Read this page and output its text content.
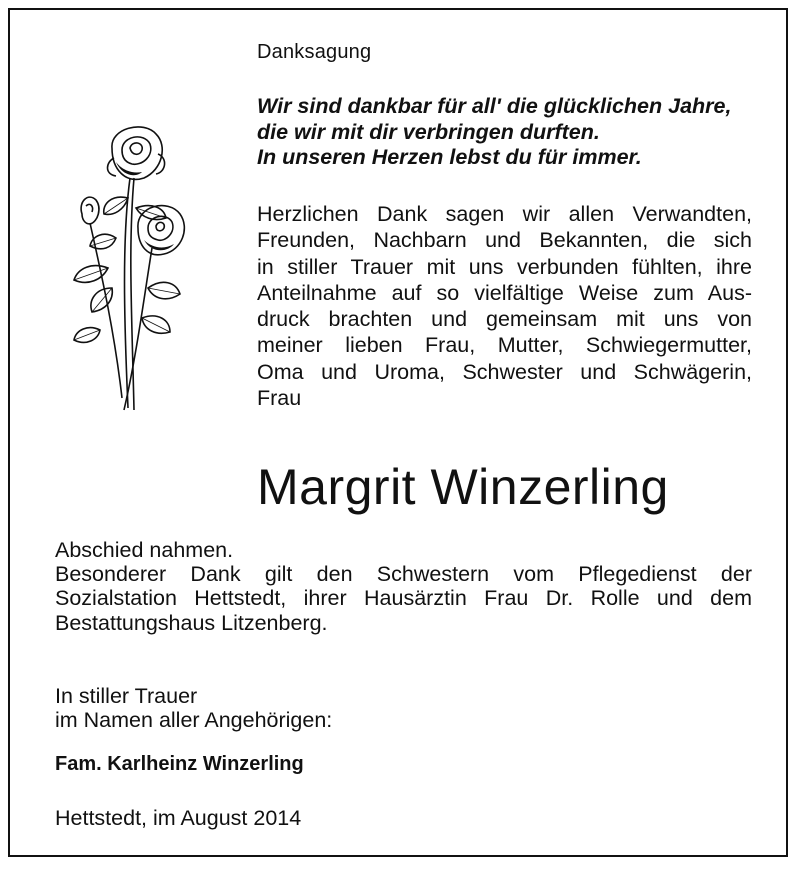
Danksagung
Wir sind dankbar für all' die glücklichen Jahre,
die wir mit dir verbringen durften.
In unseren Herzen lebst du für immer.
Herzlichen Dank sagen wir allen Verwandten,
Freunden, Nachbarn und Bekannten, die sich
in stiller Trauer mit uns verbunden fühlten, ihre
Anteilnahme auf so vielfältige Weise zum Aus-
druck brachten und gemeinsam mit uns von
meiner lieben Frau, Mutter, Schwiegermutter,
Oma und Uroma, Schwester und Schwägerin,
Frau
Margrit Winzerling
Abschied nahmen.
Besonderer Dank gilt den Schwestern vom Pflegedienst der
Sozialstation Hettstedt, ihrer Hausärztin Frau Dr. Rolle und dem
Bestattungshaus Litzenberg.
In stiller Trauer
im Namen aller Angehörigen:
Fam. Karlheinz Winzerling
Hettstedt, im August 2014
